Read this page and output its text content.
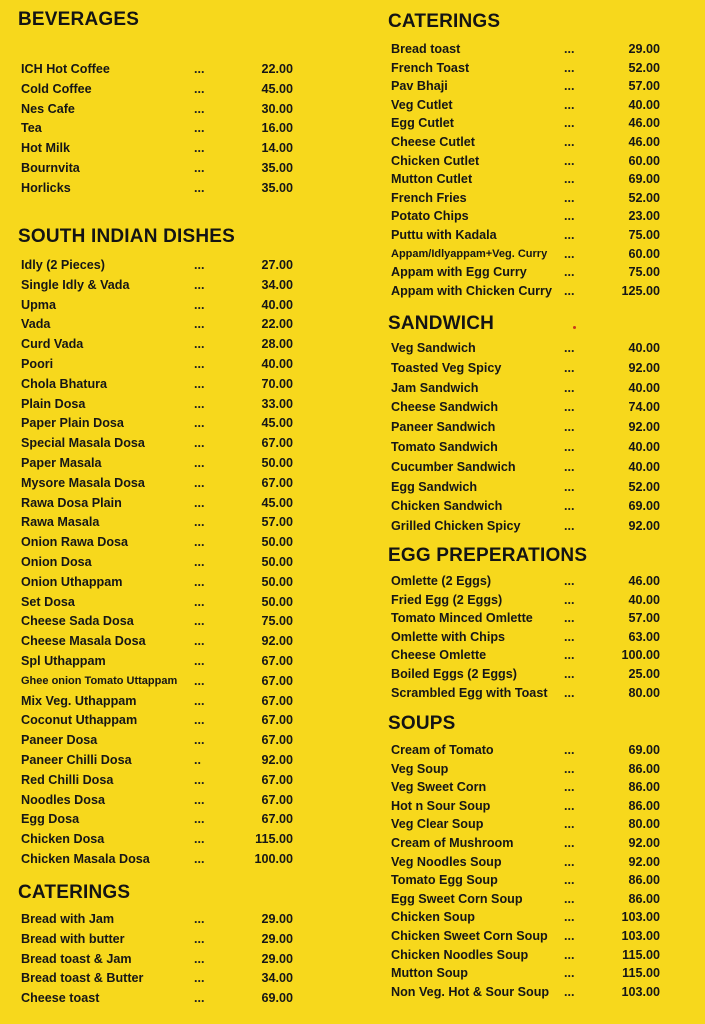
BEVERAGES
ICH Hot Coffee	...	22.00
Cold Coffee	...	45.00
Nes Cafe	...	30.00
Tea	...	16.00
Hot Milk	...	14.00
Bournvita	...	35.00
Horlicks	...	35.00
SOUTH INDIAN DISHES
Idly (2 Pieces)	...	27.00
Single Idly & Vada	...	34.00
Upma	...	40.00
Vada	...	22.00
Curd Vada	...	28.00
Poori	...	40.00
Chola Bhatura	...	70.00
Plain Dosa	...	33.00
Paper Plain Dosa	...	45.00
Special Masala Dosa	...	67.00
Paper Masala	...	50.00
Mysore Masala Dosa	...	67.00
Rawa Dosa Plain	...	45.00
Rawa Masala	...	57.00
Onion Rawa Dosa	...	50.00
Onion Dosa	...	50.00
Onion Uthappam	...	50.00
Set Dosa	...	50.00
Cheese Sada Dosa	...	75.00
Cheese Masala Dosa	...	92.00
Spl Uthappam	...	67.00
Ghee onion Tomato Uttappam ...	67.00
Mix Veg. Uthappam	...	67.00
Coconut Uthappam	...	67.00
Paneer Dosa	...	67.00
Paneer Chilli Dosa	..	92.00
Red Chilli Dosa	...	67.00
Noodles Dosa	...	67.00
Egg Dosa	...	67.00
Chicken Dosa	...	115.00
Chicken Masala Dosa	...	100.00
CATERINGS
Bread with Jam	...	29.00
Bread with butter	...	29.00
Bread toast & Jam	...	29.00
Bread toast & Butter	...	34.00
Cheese toast	...	69.00
CATERINGS
Bread toast	...	29.00
French Toast	...	52.00
Pav Bhaji	...	57.00
Veg Cutlet	...	40.00
Egg Cutlet	...	46.00
Cheese Cutlet	...	46.00
Chicken Cutlet	...	60.00
Mutton Cutlet	...	69.00
French Fries	...	52.00
Potato Chips	...	23.00
Puttu with Kadala	...	75.00
Appam/Idlyappam+Veg. Curry ...	60.00
Appam with Egg Curry	...	75.00
Appam with Chicken Curry ...	125.00
SANDWICH
Veg Sandwich	...	40.00
Toasted Veg Spicy	...	92.00
Jam Sandwich	...	40.00
Cheese Sandwich	...	74.00
Paneer Sandwich	...	92.00
Tomato Sandwich	...	40.00
Cucumber Sandwich	...	40.00
Egg Sandwich	...	52.00
Chicken Sandwich	...	69.00
Grilled Chicken Spicy	...	92.00
EGG PREPERATIONS
Omlette (2 Eggs)	...	46.00
Fried Egg (2 Eggs)	...	40.00
Tomato Minced Omlette ...	57.00
Omlette with Chips	...	63.00
Cheese Omlette	...	100.00
Boiled Eggs (2 Eggs)	...	25.00
Scrambled Egg with Toast ...	80.00
SOUPS
Cream of Tomato	...	69.00
Veg Soup	...	86.00
Veg Sweet Corn	...	86.00
Hot n Sour Soup	...	86.00
Veg Clear Soup	...	80.00
Cream of Mushroom	...	92.00
Veg Noodles Soup	...	92.00
Tomato Egg Soup	...	86.00
Egg Sweet Corn Soup	...	86.00
Chicken Soup	...	103.00
Chicken Sweet Corn Soup ...	103.00
Chicken Noodles Soup	...	115.00
Mutton Soup	...	115.00
Non Veg. Hot & Sour Soup ...	103.00
